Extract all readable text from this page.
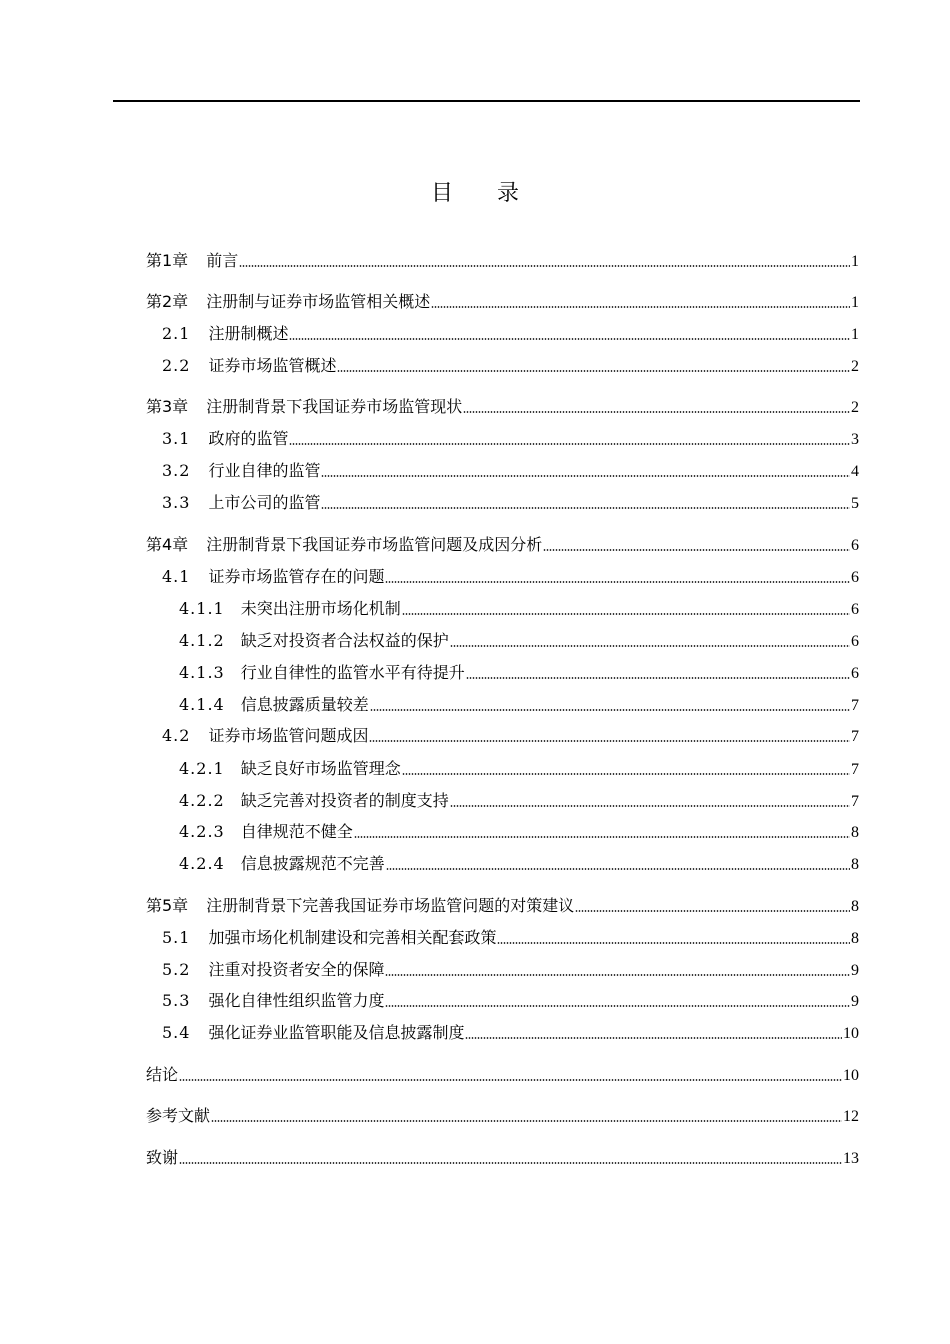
目录
第1章 前言	1
第2章 注册制与证券市场监管相关概述	1
2.1 注册制概述	1
2.2 证券市场监管概述	2
第3章 注册制背景下我国证券市场监管现状	2
3.1 政府的监管	3
3.2 行业自律的监管	4
3.3 上市公司的监管	5
第4章 注册制背景下我国证券市场监管问题及成因分析	6
4.1 证券市场监管存在的问题	6
4.1.1 未突出注册市场化机制	6
4.1.2 缺乏对投资者合法权益的保护	6
4.1.3 行业自律性的监管水平有待提升	6
4.1.4 信息披露质量较差	7
4.2 证券市场监管问题成因	7
4.2.1 缺乏良好市场监管理念	7
4.2.2 缺乏完善对投资者的制度支持	7
4.2.3 自律规范不健全	8
4.2.4 信息披露规范不完善	8
第5章 注册制背景下完善我国证券市场监管问题的对策建议	8
5.1 加强市场化机制建设和完善相关配套政策	8
5.2 注重对投资者安全的保障	9
5.3 强化自律性组织监管力度	9
5.4 强化证券业监管职能及信息披露制度	10
结论	10
参考文献	12
致谢	13
